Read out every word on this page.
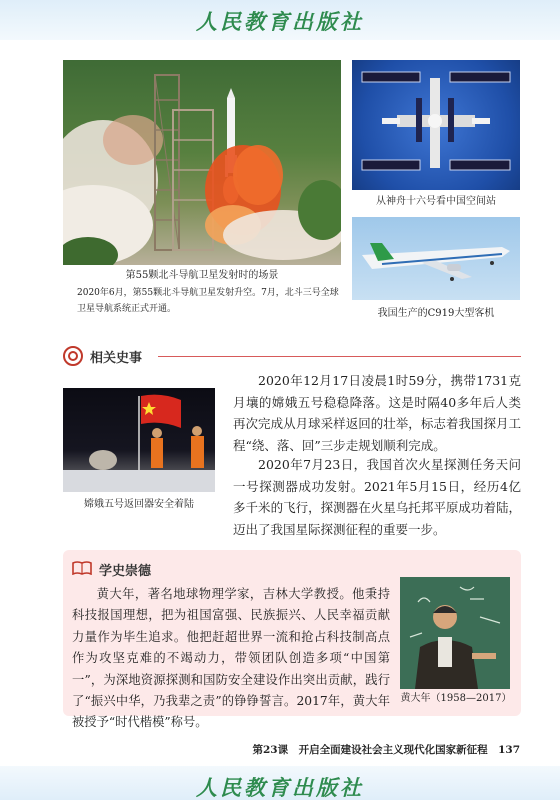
人民教育出版社
第55颗北斗导航卫星发射时的场景
2020年6月，第55颗北斗导航卫星发射升空。7月，北斗三号全球卫星导航系统正式开通。
从神舟十六号看中国空间站
我国生产的C919大型客机
相关史事
嫦娥五号返回器安全着陆

2020年12月17日凌晨1时59分，携带1731克月壤的嫦娥五号稳稳降落。这是时隔40多年后人类再次完成从月球采样返回的壮举，标志着我国探月工程“绕、落、回”三步走规划顺利完成。

2020年7月23日，我国首次火星探测任务天问一号探测器成功发射。2021年5月15日，经历4亿多千米的飞行，探测器在火星乌托邦平原成功着陆，迈出了我国星际探测征程的重要一步。

学史崇德

黄大年，著名地球物理学家，吉林大学教授。他秉持科技报国理想，把为祖国富强、民族振兴、人民幸福贡献力量作为毕生追求。他把赶超世界一流和抢占科技制高点作为攻坚克难的不竭动力，带领团队创造多项“中国第一”，为深地资源探测和国防安全建设作出突出贡献，践行了“振兴中华，乃我辈之责”的铮铮誓言。2017年，黄大年被授予“时代楷模”称号。

黄大年（1958—2017）
第23课　开启全面建设社会主义现代化国家新征程　137
人民教育出版社
